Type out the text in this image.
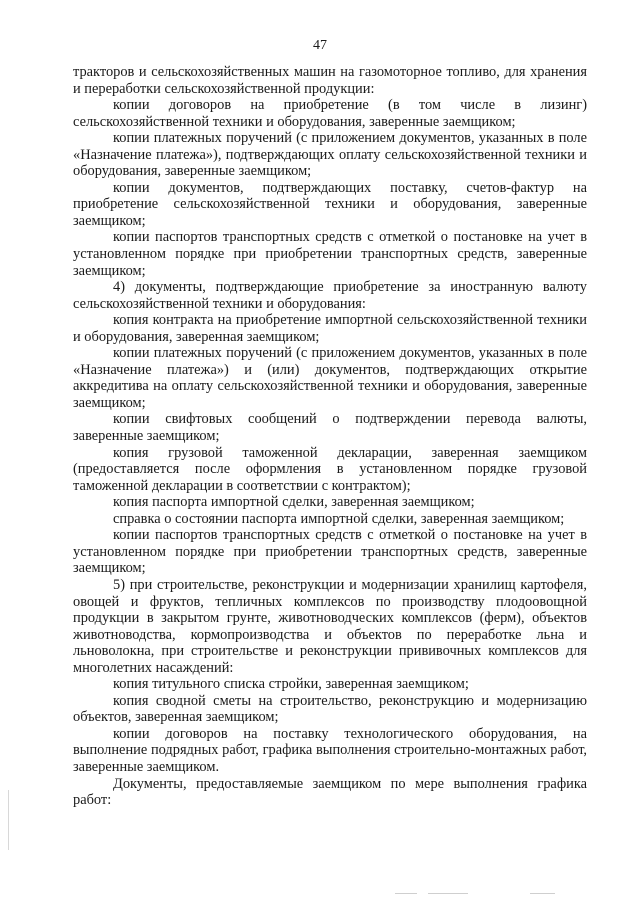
47

тракторов и сельскохозяйственных машин на газомоторное топливо, для хранения и переработки сельскохозяйственной продукции:

копии договоров на приобретение (в том числе в лизинг) сельскохозяйственной техники и оборудования, заверенные заемщиком;

копии платежных поручений (с приложением документов, указанных в поле «Назначение платежа»), подтверждающих оплату сельскохозяйственной техники и оборудования, заверенные заемщиком;

копии документов, подтверждающих поставку, счетов-фактур на приобретение сельскохозяйственной техники и оборудования, заверенные заемщиком;

копии паспортов транспортных средств с отметкой о постановке на учет в установленном порядке при приобретении транспортных средств, заверенные заемщиком;

4) документы, подтверждающие приобретение за иностранную валюту сельскохозяйственной техники и оборудования:

копия контракта на приобретение импортной сельскохозяйственной техники и оборудования, заверенная заемщиком;

копии платежных поручений (с приложением документов, указанных в поле «Назначение платежа») и (или) документов, подтверждающих открытие аккредитива на оплату сельскохозяйственной техники и оборудования, заверенные заемщиком;

копии свифтовых сообщений о подтверждении перевода валюты, заверенные заемщиком;

копия грузовой таможенной декларации, заверенная заемщиком (предоставляется после оформления в установленном порядке грузовой таможенной декларации в соответствии с контрактом);

копия паспорта импортной сделки, заверенная заемщиком;

справка о состоянии паспорта импортной сделки, заверенная заемщиком;

копии паспортов транспортных средств с отметкой о постановке на учет в установленном порядке при приобретении транспортных средств, заверенные заемщиком;

5) при строительстве, реконструкции и модернизации хранилищ картофеля, овощей и фруктов, тепличных комплексов по производству плодоовощной продукции в закрытом грунте, животноводческих комплексов (ферм), объектов животноводства, кормопроизводства и объектов по переработке льна и льноволокна, при строительстве и реконструкции прививочных комплексов для многолетних насаждений:

копия титульного списка стройки, заверенная заемщиком;

копия сводной сметы на строительство, реконструкцию и модернизацию объектов, заверенная заемщиком;

копии договоров на поставку технологического оборудования, на выполнение подрядных работ, графика выполнения строительно-монтажных работ, заверенные заемщиком.

Документы, предоставляемые заемщиком по мере выполнения графика работ:
